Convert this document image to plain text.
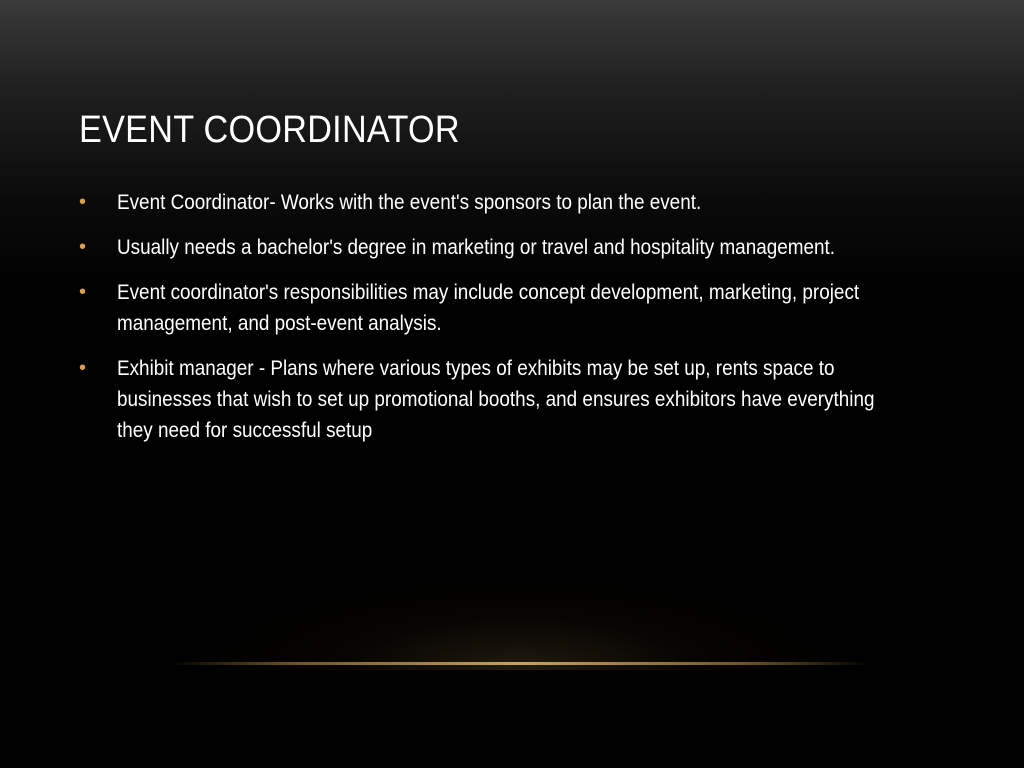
EVENT COORDINATOR
• Event Coordinator- Works with the event's sponsors to plan the event.
• Usually needs a bachelor's degree in marketing or travel and hospitality management.
• Event coordinator's responsibilities may include concept development, marketing, project management, and post-event analysis.
• Exhibit manager - Plans where various types of exhibits may be set up, rents space to businesses that wish to set up promotional booths, and ensures exhibitors have everything they need for successful setup
